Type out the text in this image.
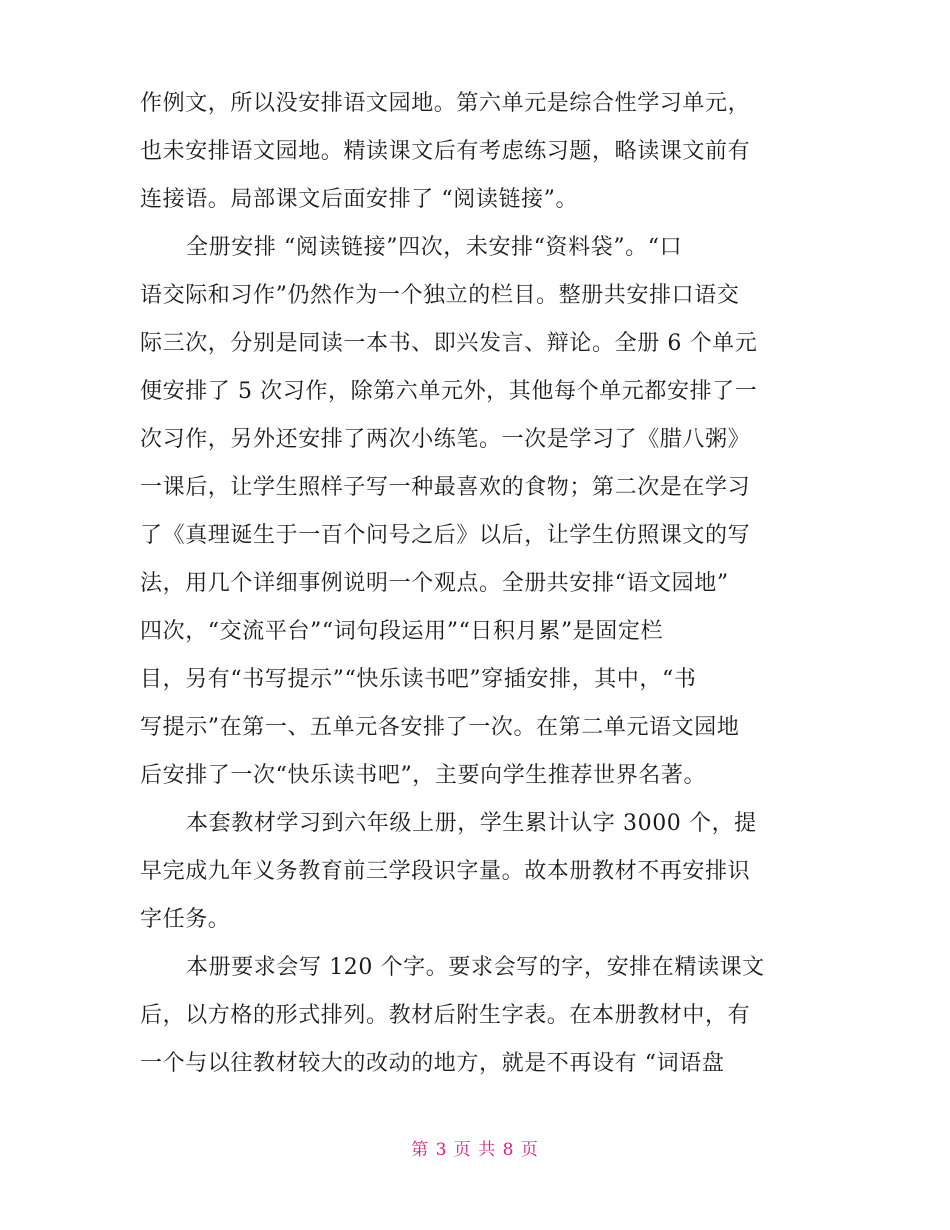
作例文，所以没安排语文园地。第六单元是综合性学习单元，
也未安排语文园地。精读课文后有考虑练习题，略读课文前有
连接语。局部课文后面安排了 “阅读链接”。
全册安排 “阅读链接”四次，未安排“资料袋”。“口
语交际和习作”仍然作为一个独立的栏目。整册共安排口语交
际三次，分别是同读一本书、即兴发言、辩论。全册 6 个单元
便安排了 5 次习作，除第六单元外，其他每个单元都安排了一
次习作，另外还安排了两次小练笔。一次是学习了《腊八粥》
一课后，让学生照样子写一种最喜欢的食物；第二次是在学习
了《真理诞生于一百个问号之后》以后，让学生仿照课文的写
法，用几个详细事例说明一个观点。全册共安排“语文园地”
四次，“交流平台”“词句段运用”“日积月累”是固定栏
目，另有“书写提示”“快乐读书吧”穿插安排，其中，“书
写提示”在第一、五单元各安排了一次。在第二单元语文园地
后安排了一次“快乐读书吧”，主要向学生推荐世界名著。
本套教材学习到六年级上册，学生累计认字 3000 个，提
早完成九年义务教育前三学段识字量。故本册教材不再安排识
字任务。
本册要求会写 120 个字。要求会写的字，安排在精读课文
后，以方格的形式排列。教材后附生字表。在本册教材中，有
一个与以往教材较大的改动的地方，就是不再设有 “词语盘
第 3 页 共 8 页
